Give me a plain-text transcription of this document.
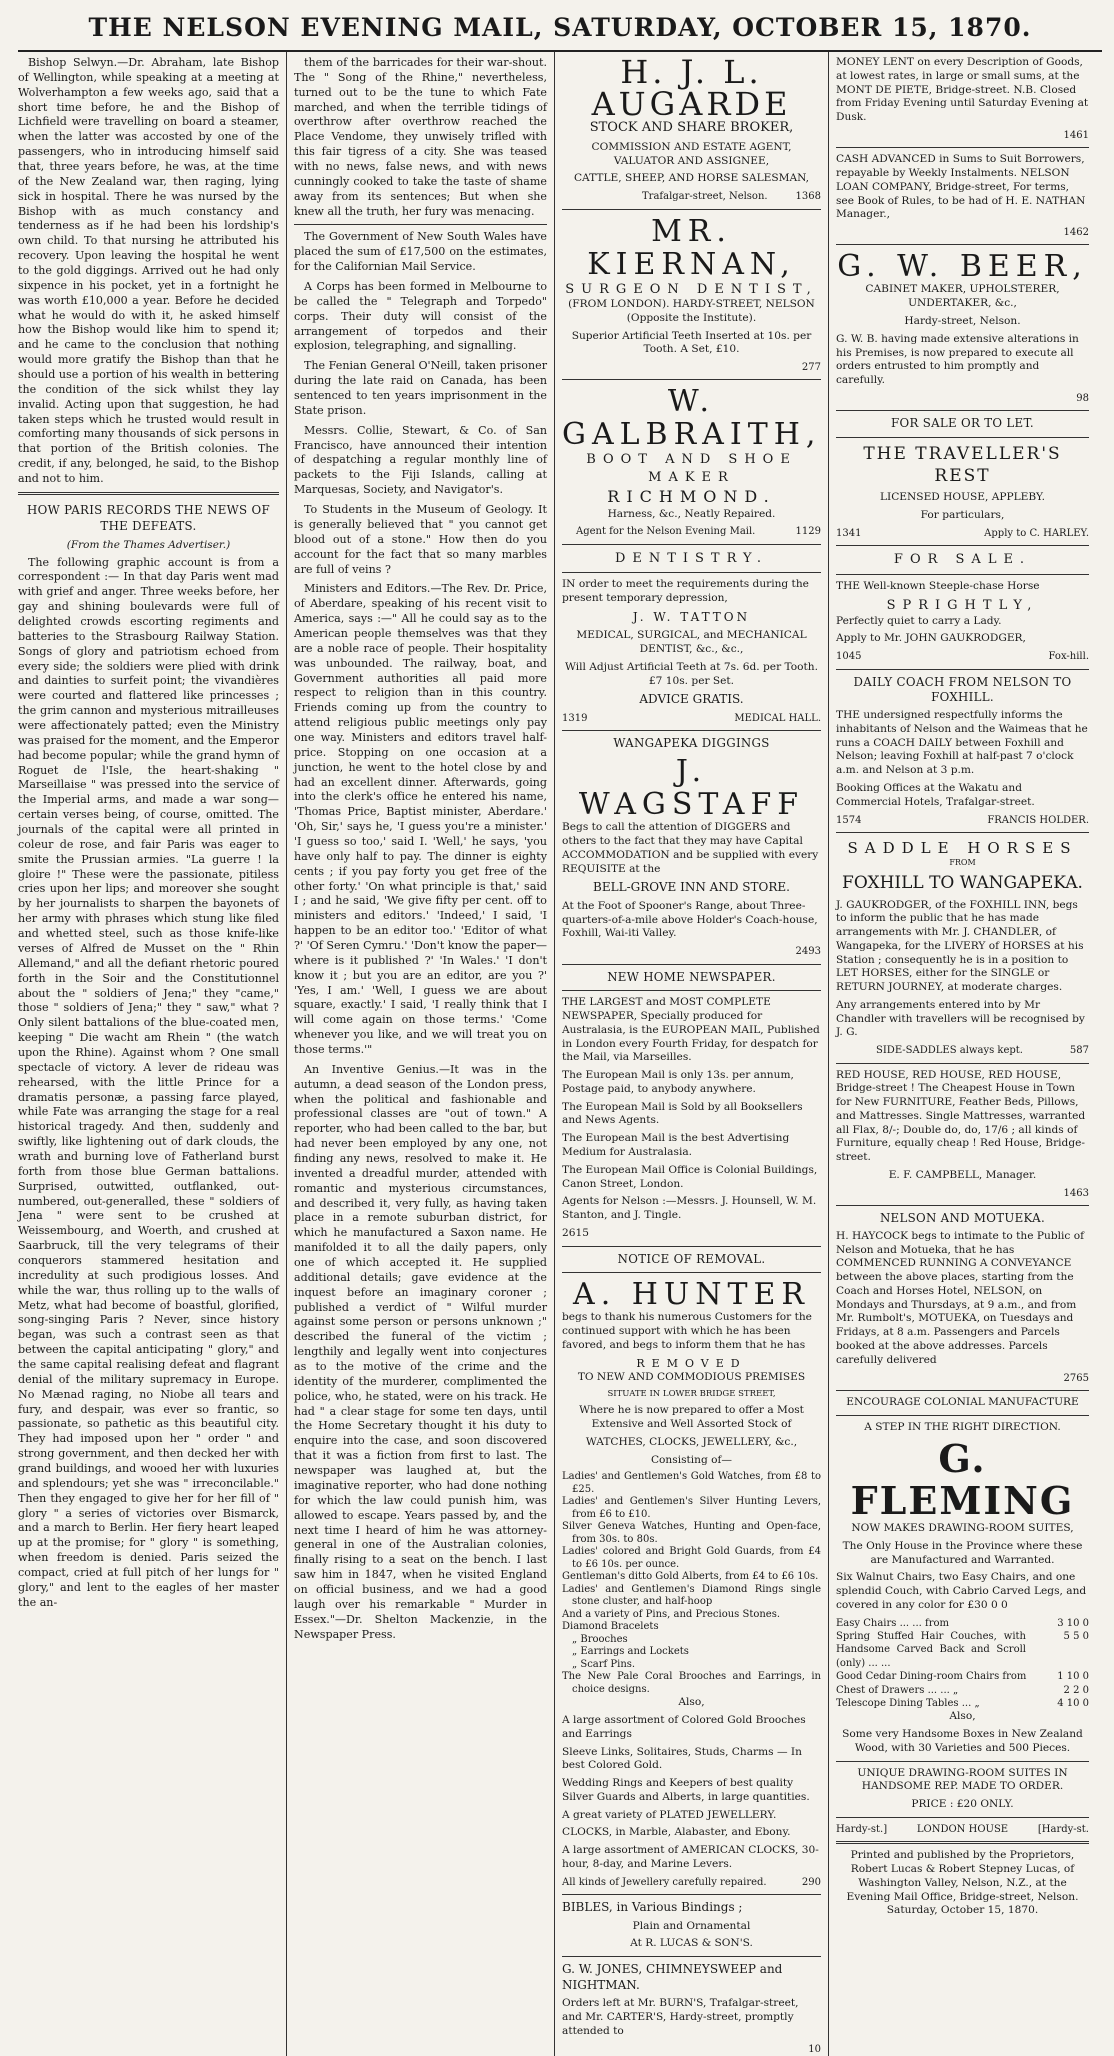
THE NELSON EVENING MAIL, SATURDAY, OCTOBER 15, 1870.

Bishop Selwyn.—Dr. Abraham, late Bishop of Wellington, while speaking at a meeting at Wolverhampton a few weeks ago, said that a short time before, he and the Bishop of Lichfield were travelling on board a steamer, when the latter was accosted by one of the passengers, who in introducing himself said that, three years before, he was, at the time of the New Zealand war, then raging, lying sick in hospital. There he was nursed by the Bishop with as much constancy and tenderness as if he had been his lordship's own child. To that nursing he attributed his recovery. Upon leaving the hospital he went to the gold diggings. Arrived out he had only sixpence in his pocket, yet in a fortnight he was worth £10,000 a year. Before he decided what he would do with it, he asked himself how the Bishop would like him to spend it; and he came to the conclusion that nothing would more gratify the Bishop than that he should use a portion of his wealth in bettering the condition of the sick whilst they lay invalid. Acting upon that suggestion, he had taken steps which he trusted would result in comforting many thousands of sick persons in that portion of the British colonies. The credit, if any, belonged, he said, to the Bishop and not to him.

HOW PARIS RECORDS THE NEWS OF THE DEFEATS.
(From the Thames Advertiser.)

The following graphic account is from a correspondent :— In that day Paris went mad with grief and anger. Three weeks before, her gay and shining boulevards were full of delighted crowds escorting regiments and batteries to the Strasbourg Railway Station. Songs of glory and patriotism echoed from every side; the soldiers were plied with drink and dainties to surfeit point; the vivandières were courted and flattered like princesses ; the grim cannon and mysterious mitrailleuses were affectionately patted; even the Ministry was praised for the moment, and the Emperor had become popular; while the grand hymn of Roguet de l'Isle, the heart-shaking " Marseillaise " was pressed into the service of the Imperial arms, and made a war song—certain verses being, of course, omitted. The journals of the capital were all printed in coleur de rose, and fair Paris was eager to smite the Prussian armies. "La guerre ! la gloire !" These were the passionate, pitiless cries upon her lips; and moreover she sought by her journalists to sharpen the bayonets of her army with phrases which stung like filed and whetted steel, such as those knife-like verses of Alfred de Musset on the " Rhin Allemand," and all the defiant rhetoric poured forth in the Soir and the Constitutionnel about the " soldiers of Jena;" they "came," those " soldiers of Jena;" they " saw," what ? Only silent battalions of the blue-coated men, keeping " Die wacht am Rhein " (the watch upon the Rhine). Against whom ? One small spectacle of victory. A lever de rideau was rehearsed, with the little Prince for a dramatis personæ, a passing farce played, while Fate was arranging the stage for a real historical tragedy. And then, suddenly and swiftly, like lightening out of dark clouds, the wrath and burning love of Fatherland burst forth from those blue German battalions. Surprised, outwitted, outflanked, out-numbered, out-generalled, these " soldiers of Jena " were sent to be crushed at Weissembourg, and Woerth, and crushed at Saarbruck, till the very telegrams of their conquerors stammered hesitation and incredulity at such prodigious losses. And while the war, thus rolling up to the walls of Metz, what had become of boastful, glorified, song-singing Paris ? Never, since history began, was such a contrast seen as that between the capital anticipating " glory," and the same capital realising defeat and flagrant denial of the military supremacy in Europe. No Mænad raging, no Niobe all tears and fury, and despair, was ever so frantic, so passionate, so pathetic as this beautiful city. They had imposed upon her " order " and strong government, and then decked her with grand buildings, and wooed her with luxuries and splendours; yet she was " irreconcilable." Then they engaged to give her for her fill of " glory " a series of victories over Bismarck, and a march to Berlin. Her fiery heart leaped up at the promise; for " glory " is something, when freedom is denied. Paris seized the compact, cried at full pitch of her lungs for " glory," and lent to the eagles of her master the an-

them of the barricades for their war-shout. The " Song of the Rhine," nevertheless, turned out to be the tune to which Fate marched, and when the terrible tidings of overthrow after overthrow reached the Place Vendome, they unwisely trifled with this fair tigress of a city. She was teased with no news, false news, and with news cunningly cooked to take the taste of shame away from its sentences; But when she knew all the truth, her fury was menacing.

The Government of New South Wales have placed the sum of £17,500 on the estimates, for the Californian Mail Service.

A Corps has been formed in Melbourne to be called the " Telegraph and Torpedo" corps. Their duty will consist of the arrangement of torpedos and their explosion, telegraphing, and signalling.

The Fenian General O'Neill, taken prisoner during the late raid on Canada, has been sentenced to ten years imprisonment in the State prison.

Messrs. Collie, Stewart, & Co. of San Francisco, have announced their intention of despatching a regular monthly line of packets to the Fiji Islands, calling at Marquesas, Society, and Navigator's.

To Students in the Museum of Geology. It is generally believed that " you cannot get blood out of a stone." How then do you account for the fact that so many marbles are full of veins ?

Ministers and Editors.—The Rev. Dr. Price, of Aberdare, speaking of his recent visit to America, says :—" All he could say as to the American people themselves was that they are a noble race of people. Their hospitality was unbounded. The railway, boat, and Government authorities all paid more respect to religion than in this country. Friends coming up from the country to attend religious public meetings only pay one way. Ministers and editors travel half-price. Stopping on one occasion at a junction, he went to the hotel close by and had an excellent dinner. Afterwards, going into the clerk's office he entered his name, 'Thomas Price, Baptist minister, Aberdare.' 'Oh, Sir,' says he, 'I guess you're a minister.' 'I guess so too,' said I. 'Well,' he says, 'you have only half to pay. The dinner is eighty cents ; if you pay forty you get free of the other forty.' 'On what principle is that,' said I ; and he said, 'We give fifty per cent. off to ministers and editors.' 'Indeed,' I said, 'I happen to be an editor too.' 'Editor of what ?' 'Of Seren Cymru.' 'Don't know the paper—where is it published ?' 'In Wales.' 'I don't know it ; but you are an editor, are you ?' 'Yes, I am.' 'Well, I guess we are about square, exactly.' I said, 'I really think that I will come again on those terms.' 'Come whenever you like, and we will treat you on those terms.'"

An Inventive Genius.—It was in the autumn, a dead season of the London press, when the political and fashionable and professional classes are "out of town." A reporter, who had been called to the bar, but had never been employed by any one, not finding any news, resolved to make it. He invented a dreadful murder, attended with romantic and mysterious circumstances, and described it, very fully, as having taken place in a remote suburban district, for which he manufactured a Saxon name. He manifolded it to all the daily papers, only one of which accepted it. He supplied additional details; gave evidence at the inquest before an imaginary coroner ; published a verdict of " Wilful murder against some person or persons unknown ;" described the funeral of the victim ; lengthily and legally went into conjectures as to the motive of the crime and the identity of the murderer, complimented the police, who, he stated, were on his track. He had " a clear stage for some ten days, until the Home Secretary thought it his duty to enquire into the case, and soon discovered that it was a fiction from first to last. The newspaper was laughed at, but the imaginative reporter, who had done nothing for which the law could punish him, was allowed to escape. Years passed by, and the next time I heard of him he was attorney-general in one of the Australian colonies, finally rising to a seat on the bench. I last saw him in 1847, when he visited England on official business, and we had a good laugh over his remarkable " Murder in Essex."—Dr. Shelton Mackenzie, in the Newspaper Press.

H. J. L. AUGARDE
STOCK AND SHARE BROKER,
COMMISSION AND ESTATE AGENT, VALUATOR AND ASSIGNEE,
CATTLE, SHEEP, AND HORSE SALESMAN,
Trafalgar-street, Nelson.	1368
MR. KIERNAN,
SURGEON DENTIST,
(FROM LONDON). HARDY-STREET, NELSON (Opposite the Institute).
Superior Artificial Teeth Inserted at 10s. per Tooth. A Set, £10.
277
W. GALBRAITH,
BOOT AND SHOE MAKER
RICHMOND.
Harness, &c., Neatly Repaired.
Agent for the Nelson Evening Mail.	1129
DENTISTRY.
IN order to meet the requirements during the present temporary depression,
J. W. TATTON
MEDICAL, SURGICAL, and MECHANICAL DENTIST, &c., &c.,
Will Adjust Artificial Teeth at 7s. 6d. per Tooth. £7 10s. per Set.
ADVICE GRATIS.
1319	MEDICAL HALL.
WANGAPEKA DIGGINGS
J. WAGSTAFF
Begs to call the attention of DIGGERS and others to the fact that they may have Capital ACCOMMODATION and be supplied with every REQUISITE at the
BELL-GROVE INN AND STORE.
At the Foot of Spooner's Range, about Three-quarters-of-a-mile above Holder's Coach-house, Foxhill, Wai-iti Valley.
2493
NEW HOME NEWSPAPER.
THE LARGEST and MOST COMPLETE NEWSPAPER, Specially produced for Australasia, is the EUROPEAN MAIL, Published in London every Fourth Friday, for despatch for the Mail, via Marseilles.
The European Mail is only 13s. per annum, Postage paid, to anybody anywhere.
The European Mail is Sold by all Booksellers and News Agents.
The European Mail is the best Advertising Medium for Australasia.
The European Mail Office is Colonial Buildings, Canon Street, London.
Agents for Nelson :—Messrs. J. Hounsell, W. M. Stanton, and J. Tingle.
2615
NOTICE OF REMOVAL.
A. HUNTER
begs to thank his numerous Customers for the continued support with which he has been favored, and begs to inform them that he has
REMOVED
TO NEW AND COMMODIOUS PREMISES
SITUATE IN LOWER BRIDGE STREET,
Where he is now prepared to offer a Most Extensive and Well Assorted Stock of
WATCHES, CLOCKS, JEWELLERY, &c.,
Consisting of—
Ladies' and Gentlemen's Gold Watches, from £8 to £25.
Ladies' and Gentlemen's Silver Hunting Levers, from £6 to £10.
Silver Geneva Watches, Hunting and Open-face, from 30s. to 80s.
Ladies' colored and Bright Gold Guards, from £4 to £6 10s. per ounce.
Gentleman's ditto Gold Alberts, from £4 to £6 10s.
Ladies' and Gentlemen's Diamond Rings single stone cluster, and half-hoop
And a variety of Pins, and Precious Stones.
Diamond Bracelets
„ Brooches
„ Earrings and Lockets
„ Scarf Pins.
The New Pale Coral Brooches and Earrings, in choice designs.
Also,
A large assortment of Colored Gold Brooches and Earrings
Sleeve Links, Solitaires, Studs, Charms — In best Colored Gold.
Wedding Rings and Keepers of best quality Silver Guards and Alberts, in large quantities.
A great variety of PLATED JEWELLERY.
CLOCKS, in Marble, Alabaster, and Ebony.
A large assortment of AMERICAN CLOCKS, 30-hour, 8-day, and Marine Levers.
All kinds of Jewellery carefully repaired.	290
BIBLES, in Various Bindings ;
Plain and Ornamental
At R. LUCAS & SON'S.
G. W. JONES, CHIMNEYSWEEP and NIGHTMAN.
Orders left at Mr. BURN'S, Trafalgar-street, and Mr. CARTER'S, Hardy-street, promptly attended to
10
MONEY LENT on every Description of Goods, at lowest rates, in large or small sums, at the MONT DE PIETE, Bridge-street. N.B. Closed from Friday Evening until Saturday Evening at Dusk.
1461
CASH ADVANCED in Sums to Suit Borrowers, repayable by Weekly Instalments. NELSON LOAN COMPANY, Bridge-street, For terms, see Book of Rules, to be had of H. E. NATHAN Manager.,
1462
G. W. BEER,
CABINET MAKER, UPHOLSTERER, UNDERTAKER, &c.,
Hardy-street, Nelson.
G. W. B. having made extensive alterations in his Premises, is now prepared to execute all orders entrusted to him promptly and carefully.
98
FOR SALE OR TO LET.
THE TRAVELLER'S REST
LICENSED HOUSE, APPLEBY.
For particulars,
1341	Apply to C. HARLEY.
FOR SALE.
THE Well-known Steeple-chase Horse
SPRIGHTLY,
Perfectly quiet to carry a Lady.
Apply to Mr. JOHN GAUKRODGER,
1045	Fox-hill.
DAILY COACH FROM NELSON TO FOXHILL.
THE undersigned respectfully informs the inhabitants of Nelson and the Waimeas that he runs a COACH DAILY between Foxhill and Nelson; leaving Foxhill at half-past 7 o'clock a.m. and Nelson at 3 p.m.
Booking Offices at the Wakatu and Commercial Hotels, Trafalgar-street.
1574	FRANCIS HOLDER.
SADDLE HORSES
FROM
FOXHILL TO WANGAPEKA.
J. GAUKRODGER, of the FOXHILL INN, begs to inform the public that he has made arrangements with Mr. J. CHANDLER, of Wangapeka, for the LIVERY of HORSES at his Station ; consequently he is in a position to LET HORSES, either for the SINGLE or RETURN JOURNEY, at moderate charges.
Any arrangements entered into by Mr Chandler with travellers will be recognised by J. G.
SIDE-SADDLES always kept.	587
RED HOUSE, RED HOUSE, RED HOUSE, Bridge-street ! The Cheapest House in Town for New FURNITURE, Feather Beds, Pillows, and Mattresses. Single Mattresses, warranted all Flax, 8/-; Double do, do, 17/6 ; all kinds of Furniture, equally cheap ! Red House, Bridge-street.
E. F. CAMPBELL, Manager.
1463
NELSON AND MOTUEKA.
H. HAYCOCK begs to intimate to the Public of Nelson and Motueka, that he has COMMENCED RUNNING A CONVEYANCE between the above places, starting from the Coach and Horses Hotel, NELSON, on Mondays and Thursdays, at 9 a.m., and from Mr. Rumbolt's, MOTUEKA, on Tuesdays and Fridays, at 8 a.m. Passengers and Parcels booked at the above addresses. Parcels carefully delivered
2765
ENCOURAGE COLONIAL MANUFACTURE
A STEP IN THE RIGHT DIRECTION.
G. FLEMING
NOW MAKES DRAWING-ROOM SUITES,
The Only House in the Province where these are Manufactured and Warranted.
Six Walnut Chairs, two Easy Chairs, and one splendid Couch, with Cabrio Carved Legs, and covered in any color for £30 0 0
Easy Chairs ... ... from	3 10 0
Spring Stuffed Hair Couches, with Handsome Carved Back and Scroll (only) ... ...
5 5 0
Good Cedar Dining-room Chairs from	1 10 0
Chest of Drawers ... ... „	2 2 0
Telescope Dining Tables ... „	4 10 0
Also,
Some very Handsome Boxes in New Zealand Wood, with 30 Varieties and 500 Pieces.
UNIQUE DRAWING-ROOM SUITES IN HANDSOME REP. MADE TO ORDER.
PRICE : £20 ONLY.
Hardy-st.]	LONDON HOUSE	[Hardy-st.
Printed and published by the Proprietors, Robert Lucas & Robert Stepney Lucas, of Washington Valley, Nelson, N.Z., at the Evening Mail Office, Bridge-street, Nelson. Saturday, October 15, 1870.
